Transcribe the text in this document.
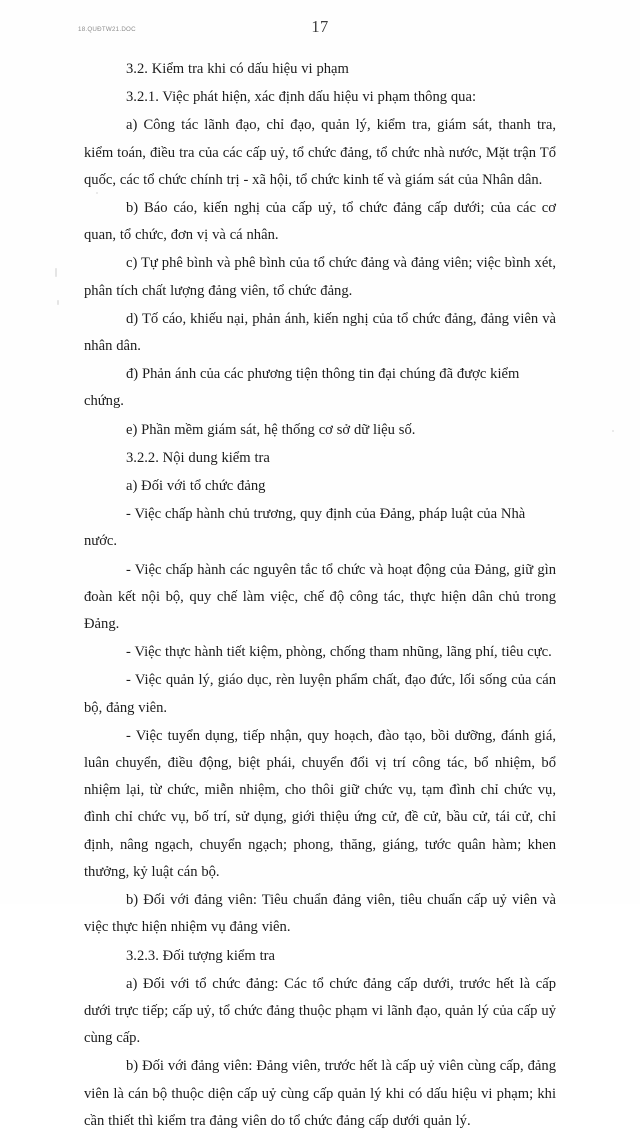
18.QUĐTW21.DOC	17

3.2. Kiểm tra khi có dấu hiệu vi phạm

3.2.1. Việc phát hiện, xác định dấu hiệu vi phạm thông qua:

a) Công tác lãnh đạo, chỉ đạo, quản lý, kiểm tra, giám sát, thanh tra, kiểm toán, điều tra của các cấp uỷ, tổ chức đảng, tổ chức nhà nước, Mặt trận Tổ quốc, các tổ chức chính trị - xã hội, tổ chức kinh tế và giám sát của Nhân dân.

b) Báo cáo, kiến nghị của cấp uỷ, tổ chức đảng cấp dưới; của các cơ quan, tổ chức, đơn vị và cá nhân.

c) Tự phê bình và phê bình của tổ chức đảng và đảng viên; việc bình xét, phân tích chất lượng đảng viên, tổ chức đảng.

d) Tố cáo, khiếu nại, phản ánh, kiến nghị của tổ chức đảng, đảng viên và nhân dân.

đ) Phản ánh của các phương tiện thông tin đại chúng đã được kiểm chứng.

e) Phần mềm giám sát, hệ thống cơ sở dữ liệu số.

3.2.2. Nội dung kiểm tra

a) Đối với tổ chức đảng

- Việc chấp hành chủ trương, quy định của Đảng, pháp luật của Nhà nước.

- Việc chấp hành các nguyên tắc tổ chức và hoạt động của Đảng, giữ gìn đoàn kết nội bộ, quy chế làm việc, chế độ công tác, thực hiện dân chủ trong Đảng.

- Việc thực hành tiết kiệm, phòng, chống tham nhũng, lãng phí, tiêu cực.

- Việc quản lý, giáo dục, rèn luyện phẩm chất, đạo đức, lối sống của cán bộ, đảng viên.

- Việc tuyển dụng, tiếp nhận, quy hoạch, đào tạo, bồi dưỡng, đánh giá, luân chuyển, điều động, biệt phái, chuyển đổi vị trí công tác, bổ nhiệm, bổ nhiệm lại, từ chức, miễn nhiệm, cho thôi giữ chức vụ, tạm đình chỉ chức vụ, đình chỉ chức vụ, bố trí, sử dụng, giới thiệu ứng cử, đề cử, bầu cử, tái cử, chỉ định, nâng ngạch, chuyển ngạch; phong, thăng, giáng, tước quân hàm; khen thưởng, kỷ luật cán bộ.

b) Đối với đảng viên: Tiêu chuẩn đảng viên, tiêu chuẩn cấp uỷ viên và việc thực hiện nhiệm vụ đảng viên.

3.2.3. Đối tượng kiểm tra

a) Đối với tổ chức đảng: Các tổ chức đảng cấp dưới, trước hết là cấp dưới trực tiếp; cấp uỷ, tổ chức đảng thuộc phạm vi lãnh đạo, quản lý của cấp uỷ cùng cấp.

b) Đối với đảng viên: Đảng viên, trước hết là cấp uỷ viên cùng cấp, đảng viên là cán bộ thuộc diện cấp uỷ cùng cấp quản lý khi có dấu hiệu vi phạm; khi cần thiết thì kiểm tra đảng viên do tổ chức đảng cấp dưới quản lý.
